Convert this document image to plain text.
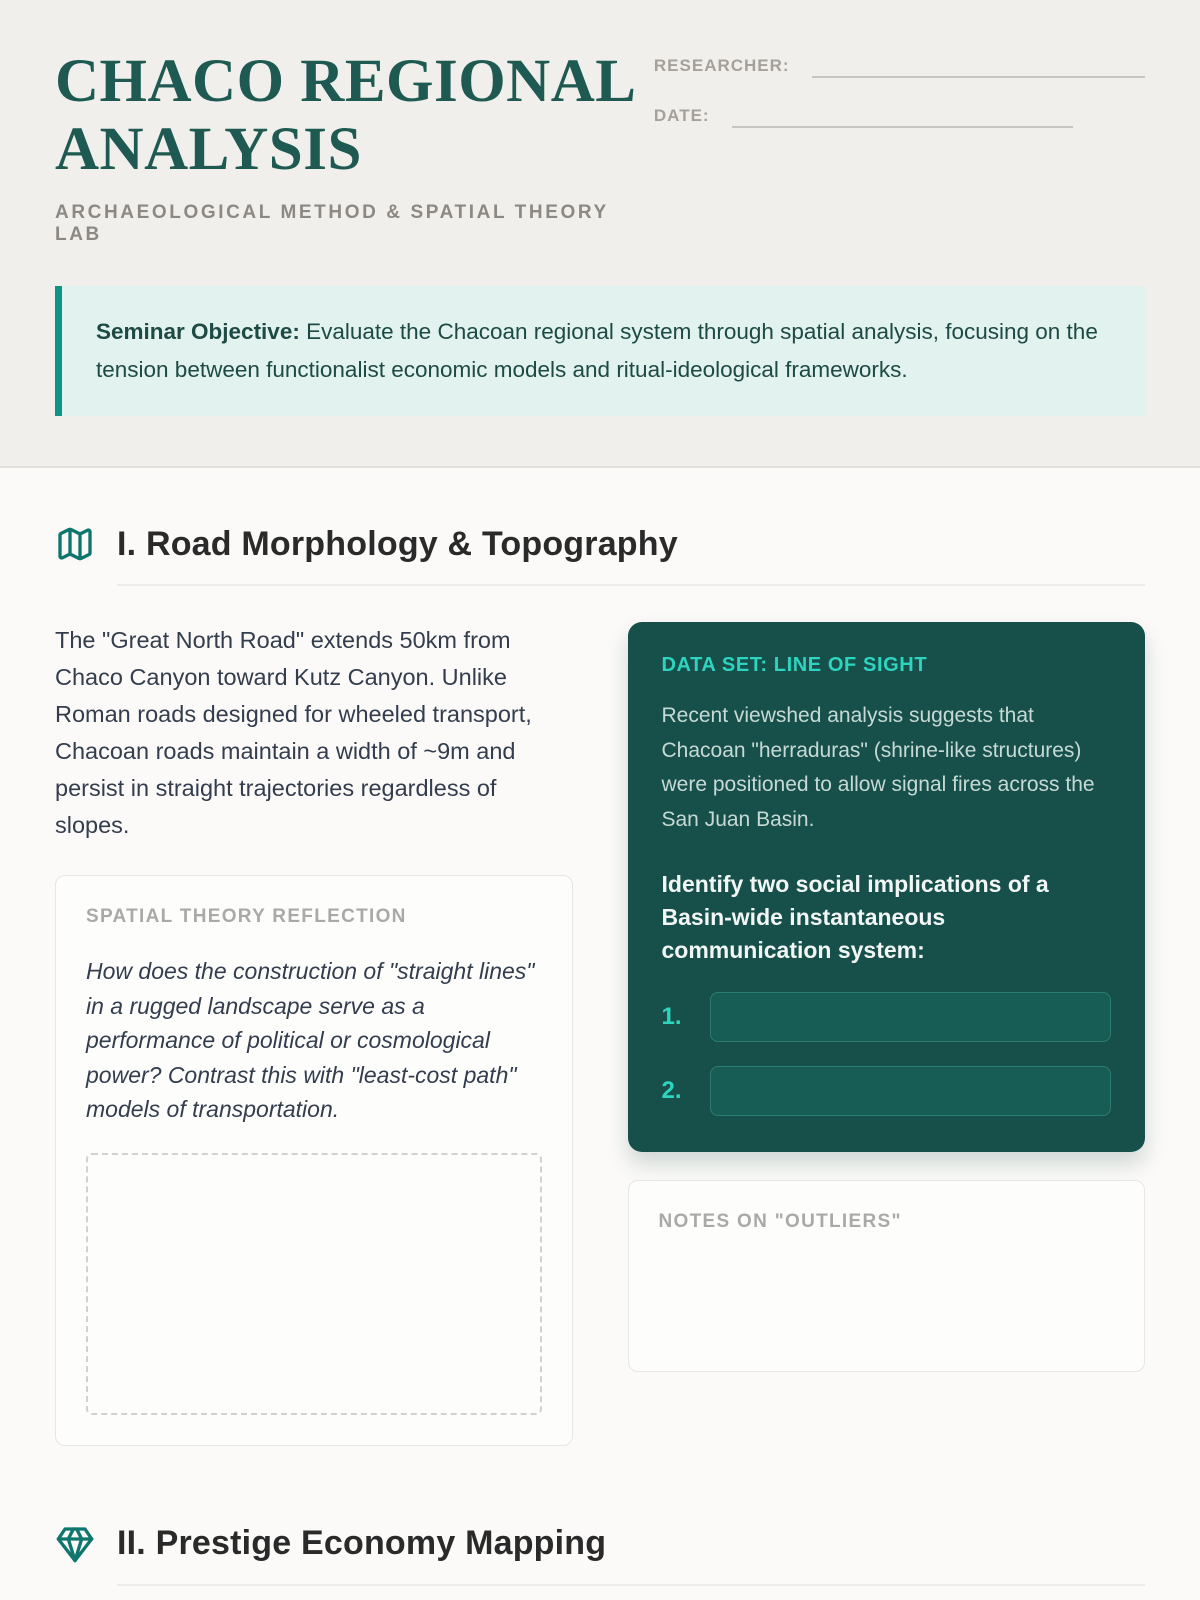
CHACO REGIONAL ANALYSIS
ARCHAEOLOGICAL METHOD & SPATIAL THEORY LAB
RESEARCHER:
DATE:

Seminar Objective: Evaluate the Chacoan regional system through spatial analysis, focusing on the tension between functionalist economic models and ritual-ideological frameworks.

I. Road Morphology & Topography

The "Great North Road" extends 50km from Chaco Canyon toward Kutz Canyon. Unlike Roman roads designed for wheeled transport, Chacoan roads maintain a width of ~9m and persist in straight trajectories regardless of slopes.

SPATIAL THEORY REFLECTION

How does the construction of "straight lines" in a rugged landscape serve as a performance of political or cosmological power? Contrast this with "least-cost path" models of transportation.

DATA SET: LINE OF SIGHT

Recent viewshed analysis suggests that Chacoan "herraduras" (shrine-like structures) were positioned to allow signal fires across the San Juan Basin.

Identify two social implications of a Basin-wide instantaneous communication system:

1.
2.
NOTES ON "OUTLIERS"
II. Prestige Economy Mapping
